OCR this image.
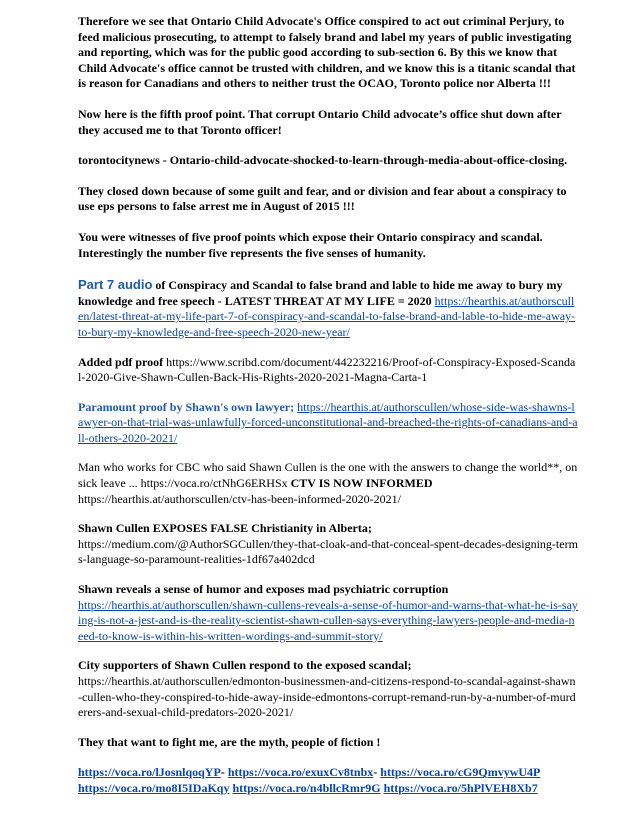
Therefore we see that Ontario Child Advocate's Office conspired to act out criminal Perjury, to feed malicious prosecuting, to attempt to falsely brand and label my years of public investigating and reporting, which was for the public good according to sub-section 6. By this we know that Child Advocate's office cannot be trusted with children, and we know this is a titanic scandal that is reason for Canadians and others to neither trust the OCAO, Toronto police nor Alberta !!!

Now here is the fifth proof point. That corrupt Ontario Child advocate’s office shut down after they accused me to that Toronto officer!

torontocitynews - Ontario-child-advocate-shocked-to-learn-through-media-about-office-closing.

They closed down because of some guilt and fear, and or division and fear about a conspiracy to use eps persons to false arrest me in August of 2015 !!!

You were witnesses of five proof points which expose their Ontario conspiracy and scandal. Interestingly the number five represents the five senses of humanity.

Part 7 audio of Conspiracy and Scandal to false brand and lable to hide me away to bury my knowledge and free speech - LATEST THREAT AT MY LIFE = 2020 https://hearthis.at/authorscullen/latest-threat-at-my-life-part-7-of-conspiracy-and-scandal-to-false-brand-and-lable-to-hide-me-away-to-bury-my-knowledge-and-free-speech-2020-new-year/

Added pdf proof https://www.scribd.com/document/442232216/Proof-of-Conspiracy-Exposed-Scandal-2020-Give-Shawn-Cullen-Back-His-Rights-2020-2021-Magna-Carta-1

Paramount proof by Shawn's own lawyer; https://hearthis.at/authorscullen/whose-side-was-shawns-lawyer-on-that-trial-was-unlawfully-forced-unconstitutional-and-breached-the-rights-of-canadians-and-all-others-2020-2021/

Man who works for CBC who said Shawn Cullen is the one with the answers to change the world**, on sick leave ... https://voca.ro/ctNhG6ERHSx CTV IS NOW INFORMED
https://hearthis.at/authorscullen/ctv-has-been-informed-2020-2021/

Shawn Cullen EXPOSES FALSE Christianity in Alberta;
https://medium.com/@AuthorSGCullen/they-that-cloak-and-that-conceal-spent-decades-designing-terms-language-so-paramount-realities-1df67a402dcd

Shawn reveals a sense of humor and exposes mad psychiatric corruption
https://hearthis.at/authorscullen/shawn-cullens-reveals-a-sense-of-humor-and-warns-that-what-he-is-saying-is-not-a-jest-and-is-the-reality-scientist-shawn-cullen-says-everything-lawyers-people-and-media-need-to-know-is-within-his-written-wordings-and-summit-story/

City supporters of Shawn Cullen respond to the exposed scandal;
https://hearthis.at/authorscullen/edmonton-businessmen-and-citizens-respond-to-scandal-against-shawn-cullen-who-they-conspired-to-hide-away-inside-edmontons-corrupt-remand-run-by-a-number-of-murderers-and-sexual-child-predators-2020-2021/

They that want to fight me, are the myth, people of fiction !

https://voca.ro/lJosnlqoqYP- https://voca.ro/exuxCv8tnbx- https://voca.ro/cG9QmvywU4P
https://voca.ro/mo8I5IDaKqy https://voca.ro/n4bllcRmr9G https://voca.ro/5hPlVEH8Xb7
